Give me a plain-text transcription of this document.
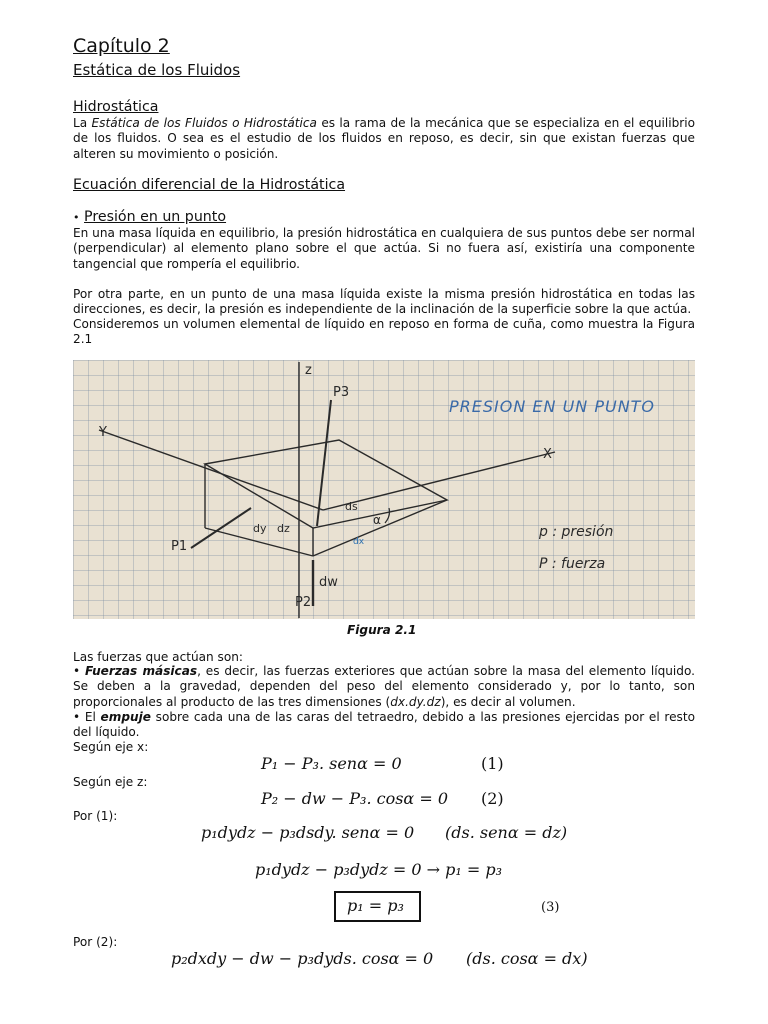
Capítulo 2
Estática de los Fluidos
Hidrostática
La Estática de los Fluidos o Hidrostática es la rama de la mecánica que se especializa en el equilibrio de los fluidos. O sea es el estudio de los fluidos en reposo, es decir, sin que existan fuerzas que alteren su movimiento o posición.
Ecuación diferencial de la Hidrostática
• Presión en un punto
En una masa líquida en equilibrio, la presión hidrostática en cualquiera de sus puntos debe ser normal (perpendicular) al elemento plano sobre el que actúa. Si no fuera así, existiría una componente tangencial que rompería el equilibrio.
Por otra parte, en un punto de una masa líquida existe la misma presión hidrostática en todas las direcciones, es decir, la presión es independiente de la inclinación de la superficie sobre la que actúa.
Consideremos un volumen elemental de líquido en reposo en forma de cuña, como muestra la Figura 2.1
z
Y
X
P3
P1
P2
dw
dy dz
ds
dx
α
PRESION EN UN PUNTO
p : presión
P : fuerza
Figura 2.1
Las fuerzas que actúan son:
• Fuerzas másicas, es decir, las fuerzas exteriores que actúan sobre la masa del elemento líquido. Se deben a la gravedad, dependen del peso del elemento considerado y, por lo tanto, son proporcionales al producto de las tres dimensiones (dx.dy.dz), es decir al volumen.
• El empuje sobre cada una de las caras del tetraedro, debido a las presiones ejercidas por el resto del líquido.
Según eje x:
Según eje z:
Por (1):
Por (2):
P₁ − P₃. senα = 0	(1)
P₂ − dw − P₃. cosα = 0 (2)
p₁dydz − p₃dsdy. senα = 0 (ds. senα = dz)
p₁dydz − p₃dydz = 0 → p₁ = p₃
p₁ = p₃	(3)
p₂dxdy − dw − p₃dyds. cosα = 0 (ds. cosα = dx)
